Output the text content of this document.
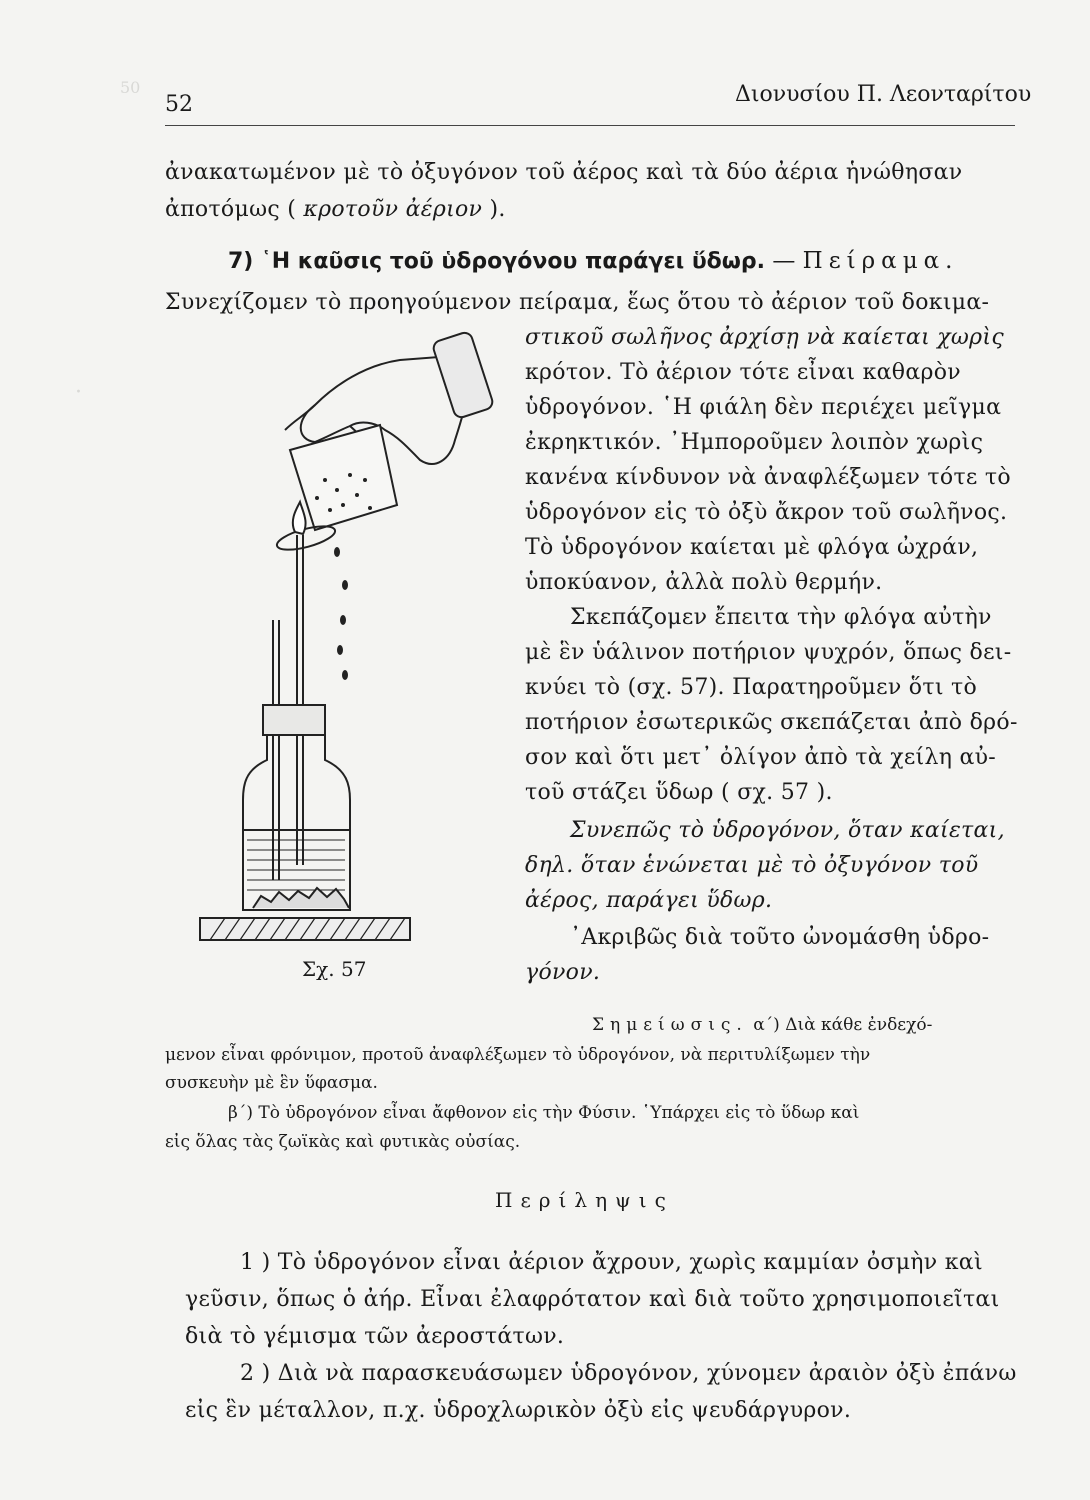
50
·
52	Διονυσίου Π. Λεονταρίτου
ἀνακατωμένον μὲ τὸ ὀξυγόνον τοῦ ἀέρος καὶ τὰ δύο ἀέρια ἡνώθησαν
ἀποτόμως ( κροτοῦν ἀέριον ).
7) ῾Η καῦσις τοῦ ὑδρογόνου παράγει ὕδωρ. — Πείραμα.
Συνεχίζομεν τὸ προηγούμενον πείραμα, ἕως ὅτου τὸ ἀέριον τοῦ δοκιμα-
στικοῦ σωλῆνος ἀρχίσῃ νὰ καίεται χωρὶς
κρότον. Τὸ ἀέριον τότε εἶναι καθαρὸν
ὑδρογόνον. ῾Η φιάλη δὲν περιέχει μεῖγμα
ἐκρηκτικόν. ᾽Ημποροῦμεν λοιπὸν χωρὶς
κανένα κίνδυνον νὰ ἀναφλέξωμεν τότε τὸ
ὑδρογόνον εἰς τὸ ὀξὺ ἄκρον τοῦ σωλῆνος.
Τὸ ὑδρογόνον καίεται μὲ φλόγα ὠχράν,
ὑποκύανον, ἀλλὰ πολὺ θερμήν.
Σκεπάζομεν ἔπειτα τὴν φλόγα αὐτὴν
μὲ ἓν ὑάλινον ποτήριον ψυχρόν, ὅπως δει-
κνύει τὸ (σχ. 57). Παρατηροῦμεν ὅτι τὸ
ποτήριον ἐσωτερικῶς σκεπάζεται ἀπὸ δρό-
σον καὶ ὅτι μετ᾽ ὀλίγον ἀπὸ τὰ χείλη αὐ-
τοῦ στάζει ὕδωρ ( σχ. 57 ).
Συνεπῶς τὸ ὑδρογόνον, ὅταν καίεται,
δηλ. ὅταν ἑνώνεται μὲ τὸ ὀξυγόνον τοῦ
ἀέρος, παράγει ὕδωρ.
᾽Ακριβῶς διὰ τοῦτο ὠνομάσθη ὑδρο-
γόνον.
Σχ. 57
Σημείωσις. α΄) Διὰ κάθε ἐνδεχό-
μενον εἶναι φρόνιμον, προτοῦ ἀναφλέξωμεν τὸ ὑδρογόνον, νὰ περιτυλίξωμεν τὴν
συσκευὴν μὲ ἓν ὕφασμα.
β΄) Τὸ ὑδρογόνον εἶναι ἄφθονον εἰς τὴν Φύσιν. ῾Υπάρχει εἰς τὸ ὕδωρ καὶ
εἰς ὅλας τὰς ζωϊκὰς καὶ φυτικὰς οὐσίας.
Περίληψις
1 ) Τὸ ὑδρογόνον εἶναι ἀέριον ἄχρουν, χωρὶς καμμίαν ὀσμὴν καὶ
γεῦσιν, ὅπως ὁ ἀήρ. Εἶναι ἐλαφρότατον καὶ διὰ τοῦτο χρησιμοποιεῖται
διὰ τὸ γέμισμα τῶν ἀεροστάτων.
2 ) Διὰ νὰ παρασκευάσωμεν ὑδρογόνον, χύνομεν ἀραιὸν ὀξὺ ἐπάνω
εἰς ἓν μέταλλον, π.χ. ὑδροχλωρικὸν ὀξὺ εἰς ψευδάργυρον.
